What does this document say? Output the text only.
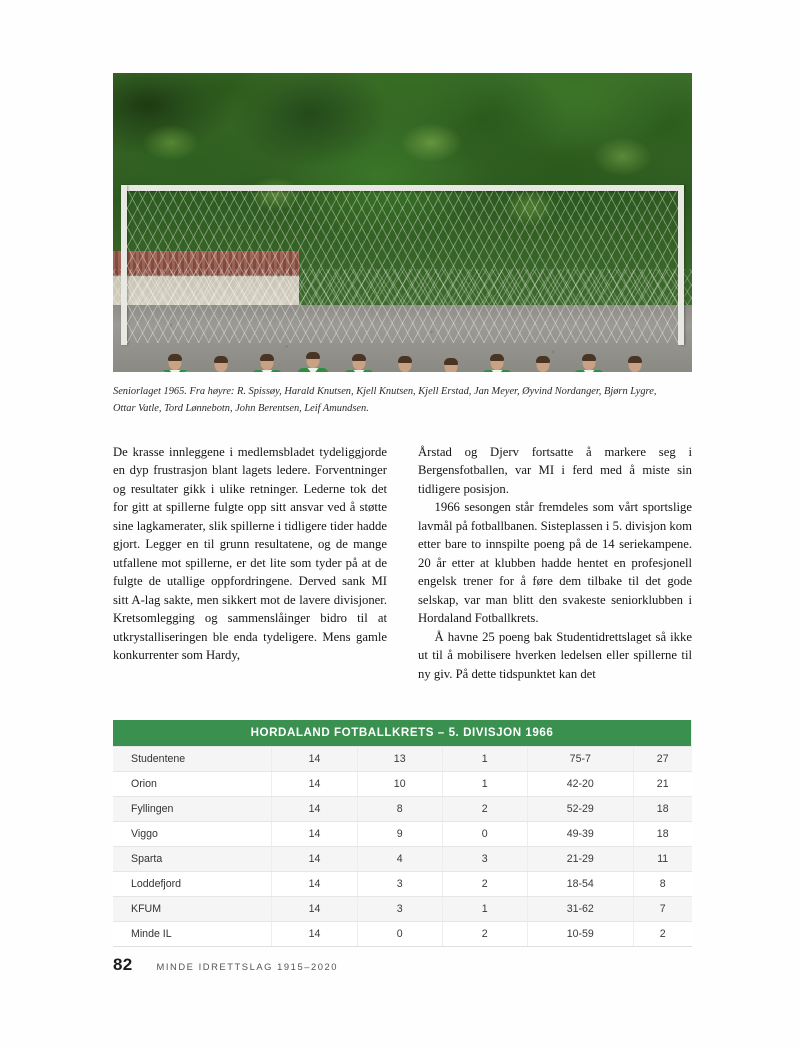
Seniorlaget 1965. Fra høyre: R. Spissøy, Harald Knutsen, Kjell Knutsen, Kjell Erstad, Jan Meyer, Øyvind Nordanger, Bjørn Lygre, Ottar Vatle, Tord Lønnebotn, John Berentsen, Leif Amundsen.

De krasse innleggene i medlemsbladet tydeliggjorde en dyp frustrasjon blant lagets ledere. Forventninger og resultater gikk i ulike retninger. Lederne tok det for gitt at spillerne fulgte opp sitt ansvar ved å støtte sine lagkamerater, slik spillerne i tidligere tider hadde gjort. Legger en til grunn resultatene, og de mange utfallene mot spillerne, er det lite som tyder på at de fulgte de utallige oppfordringene. Derved sank MI sitt A-lag sakte, men sikkert mot de lavere divisjoner. Kretsomlegging og sammenslåinger bidro til at utkrystalliseringen ble enda tydeligere. Mens gamle konkurrenter som Hardy,

Årstad og Djerv fortsatte å markere seg i Bergensfotballen, var MI i ferd med å miste sin tidligere posisjon.

1966 sesongen står fremdeles som vårt sportslige lavmål på fotballbanen. Sisteplassen i 5. divisjon kom etter bare to innspilte poeng på de 14 seriekampene. 20 år etter at klubben hadde hentet en profesjonell engelsk trener for å føre dem tilbake til det gode selskap, var man blitt den svakeste seniorklubben i Hordaland Fotballkrets.

Å havne 25 poeng bak Studentidrettslaget så ikke ut til å mobilisere hverken ledelsen eller spillerne til ny giv. På dette tidspunktet kan det

HORDALAND FOTBALLKRETS – 5. DIVISJON 1966					
Studentene	14	13	1	75-7	27
Orion	14	10	1	42-20	21
Fyllingen	14	8	2	52-29	18
Viggo	14	9	0	49-39	18
Sparta	14	4	3	21-29	11
Loddefjord	14	3	2	18-54	8
KFUM	14	3	1	31-62	7
Minde IL	14	0	2	10-59	2
82	MINDE IDRETTSLAG 1915–2020
